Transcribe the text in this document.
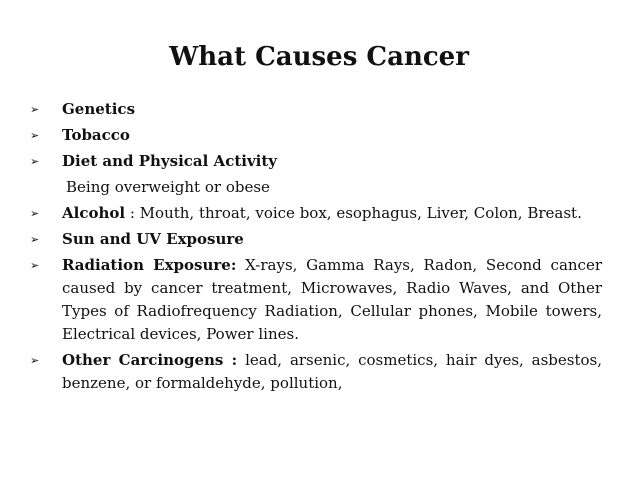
What Causes Cancer
➢ Genetics
➢ Tobacco
➢ Diet and Physical Activity
Being overweight or obese
➢ Alcohol : Mouth, throat, voice box, esophagus, Liver, Colon, Breast.
➢ Sun and UV Exposure
➢ Radiation Exposure: X-rays, Gamma Rays, Radon, Second cancer caused by cancer treatment, Microwaves, Radio Waves, and Other Types of Radiofrequency Radiation, Cellular phones, Mobile towers, Electrical devices, Power lines.
➢ Other Carcinogens : lead, arsenic, cosmetics, hair dyes, asbestos, benzene, or formaldehyde, pollution,
